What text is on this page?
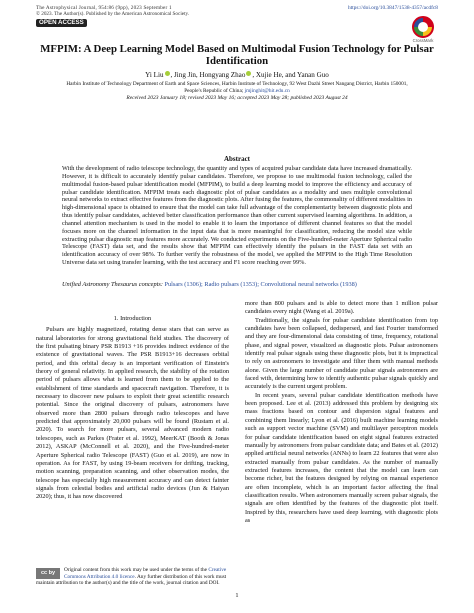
The Astrophysical Journal, 954:86 (9pp), 2023 September 1
© 2023. The Author(s). Published by the American Astronomical Society.
OPEN ACCESS
https://doi.org/10.3847/1538-4357/acdfc8
CrossMark
MFPIM: A Deep Learning Model Based on Multimodal Fusion Technology for Pulsar Identification
Yi Liu , Jing Jin, Hongyang Zhao , Xujie He, and Yanan Guo
Harbin Institute of Technology Department of Earth and Space Sciences, Harbin Institute of Technology, 92 West Dazhi Street Nangang District, Harbin 150001,
People's Republic of China; jmjinghit@hit.edu.cn
Received 2023 January 18; revised 2023 May 16; accepted 2023 May 28; published 2023 August 24
Abstract
With the development of radio telescope technology, the quantity and types of acquired pulsar candidate data have increased dramatically. However, it is difficult to accurately identify pulsar candidates. Therefore, we propose to use multimodal fusion technology, called the multimodal fusion-based pulsar identification model (MFPIM), to build a deep learning model to improve the efficiency and accuracy of pulsar candidate identification. MFPIM treats each diagnostic plot of pulsar candidates as a modality and uses multiple convolutional neural networks to extract effective features from the diagnostic plots. After fusing the features, the commonality of different modalities in high-dimensional space is obtained to ensure that the model can take full advantage of the complementarity between diagnostic plots and thus identify pulsar candidates, achieved better classification performance than other current supervised learning algorithms. In addition, a channel attention mechanism is used in the model to enable it to learn the importance of different channel features so that the model focuses more on the channel information in the input data that is more meaningful for classification, reducing the model size while extracting pulsar diagnostic map features more accurately. We conducted experiments on the Five-hundred-meter Aperture Spherical radio Telescope (FAST) data set, and the results show that MFPIM can effectively identify the pulsars in the FAST data set with an identification accuracy of over 98%. To further verify the robustness of the model, we applied the MFPIM to the High Time Resolution Universe data set using transfer learning, with the test accuracy and F1 score reaching over 99%.
Unified Astronomy Thesaurus concepts: Pulsars (1306); Radio pulsars (1353); Convolutional neural networks (1938)
1. Introduction

Pulsars are highly magnetized, rotating dense stars that can serve as natural laboratories for strong gravitational field studies. The discovery of the first pulsating binary PSR B1913 +16 provides indirect evidence of the existence of gravitational waves. The PSR B1913+16 decreases orbital period, and this orbital decay is an important verification of Einstein's theory of general relativity. In applied research, the stability of the rotation period of pulsars allows what is learned from them to be applied to the establishment of time standards and spacecraft navigation. Therefore, it is necessary to discover new pulsars to exploit their great scientific research potential. Since the original discovery of pulsars, astronomers have observed more than 2800 pulsars through radio telescopes and have predicted that approximately 20,000 pulsars will be found (Rustam et al. 2020). To search for more pulsars, several advanced modern radio telescopes, such as Parkes (Frater et al. 1992), MeerKAT (Booth & Jonas 2012), ASKAP (McConnell et al. 2020), and the Five-hundred-meter Aperture Spherical radio Telescope (FAST) (Guo et al. 2019), are now in operation. As for FAST, by using 19-beam receivers for drifting, tracking, motion scanning, preparation scanning, and other observation modes, the telescope has especially high measurement accuracy and can detect fainter signals from celestial bodies and artificial radio devices (Jun & Haiyan 2020); thus, it has now discovered

more than 800 pulsars and is able to detect more than 1 million pulsar candidates every night (Wang et al. 2019a).

Traditionally, the signals for pulsar candidate identification from top candidates have been collapsed, dedispersed, and fast Fourier transformed and they are four-dimensional data consisting of time, frequency, rotational phase, and signal power, visualized as diagnostic plots. Pulsar astronomers identify real pulsar signals using these diagnostic plots, but it is impractical to rely on astronomers to investigate and filter them with manual methods alone. Given the large number of candidate pulsar signals astronomers are faced with, determining how to identify authentic pulsar signals quickly and accurately is the current urgent problem.

In recent years, several pulsar candidate identification methods have been proposed. Lee et al. (2013) addressed this problem by designing six mass fractions based on contour and dispersion signal features and combining them linearly; Lyon et al. (2016) built machine learning models such as support vector machine (SVM) and multilayer perceptron models for pulsar candidate identification based on eight signal features extracted manually by astronomers from pulsar candidate data; and Bates et al. (2012) applied artificial neural networks (ANNs) to learn 22 features that were also extracted manually from pulsar candidates. As the number of manually extracted features increases, the content that the model can learn can become richer, but the features designed by relying on manual experience are often incomplete, which is an important factor affecting the final classification results. When astronomers manually screen pulsar signals, the signals are often identified by the features of the diagnostic plot itself. Inspired by this, researchers have used deep learning, with diagnostic plots as

cc by	Original content from this work may be used under the terms of the Creative Commons Attribution 4.0 licence. Any further distribution of this work must maintain attribution to the author(s) and the title of the work, journal citation and DOI.
1
